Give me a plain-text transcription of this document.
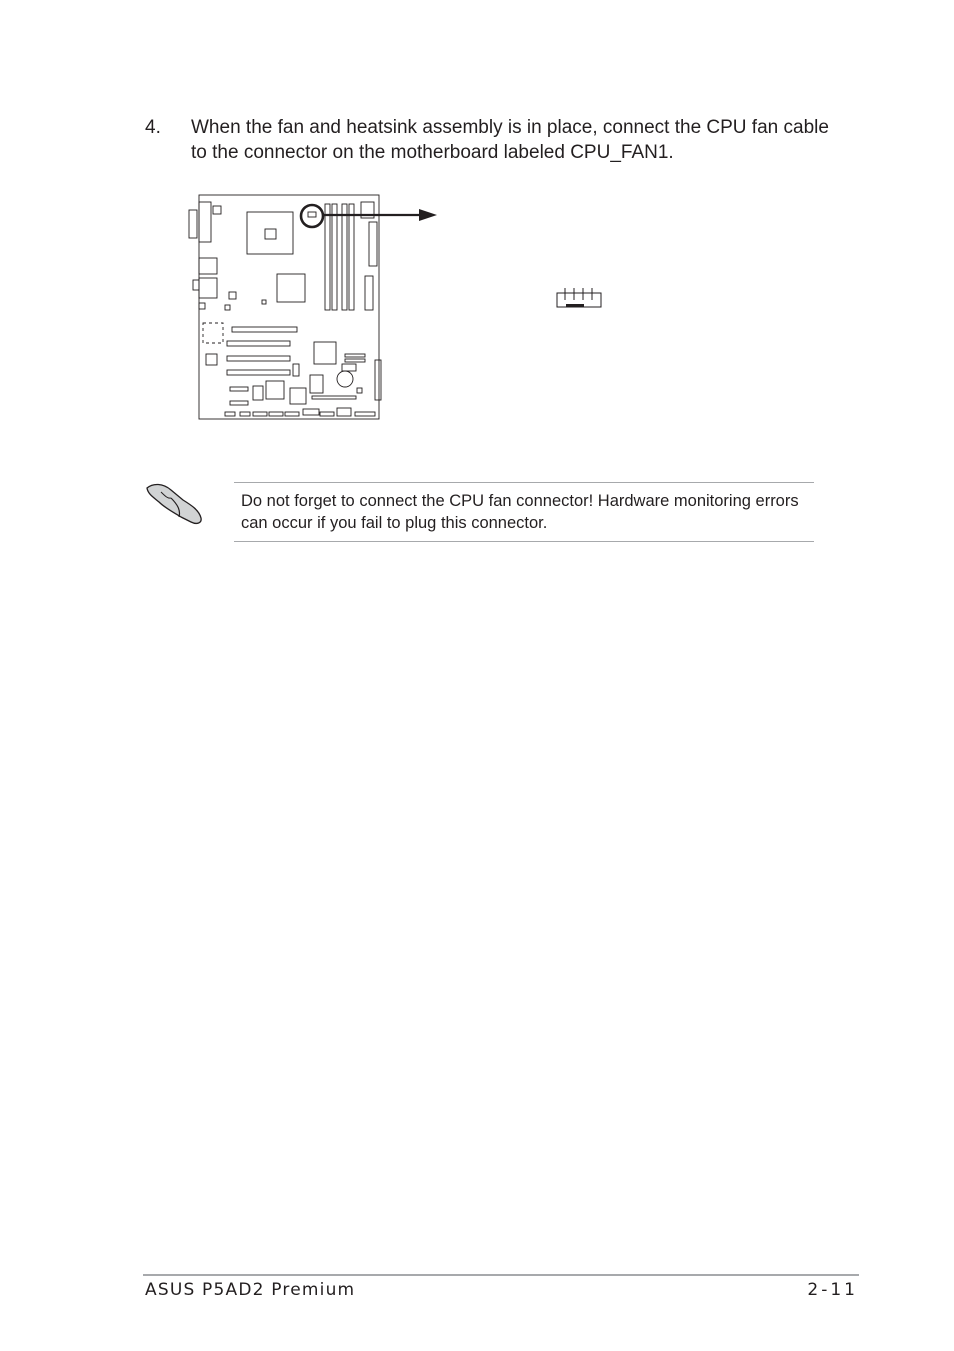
4. When the fan and heatsink assembly is in place, connect the CPU fan cable to the connector on the motherboard labeled CPU_FAN1.
Do not forget to connect the CPU fan connector! Hardware monitoring errors can occur if you fail to plug this connector.
ASUS P5AD2 Premium	2-11
